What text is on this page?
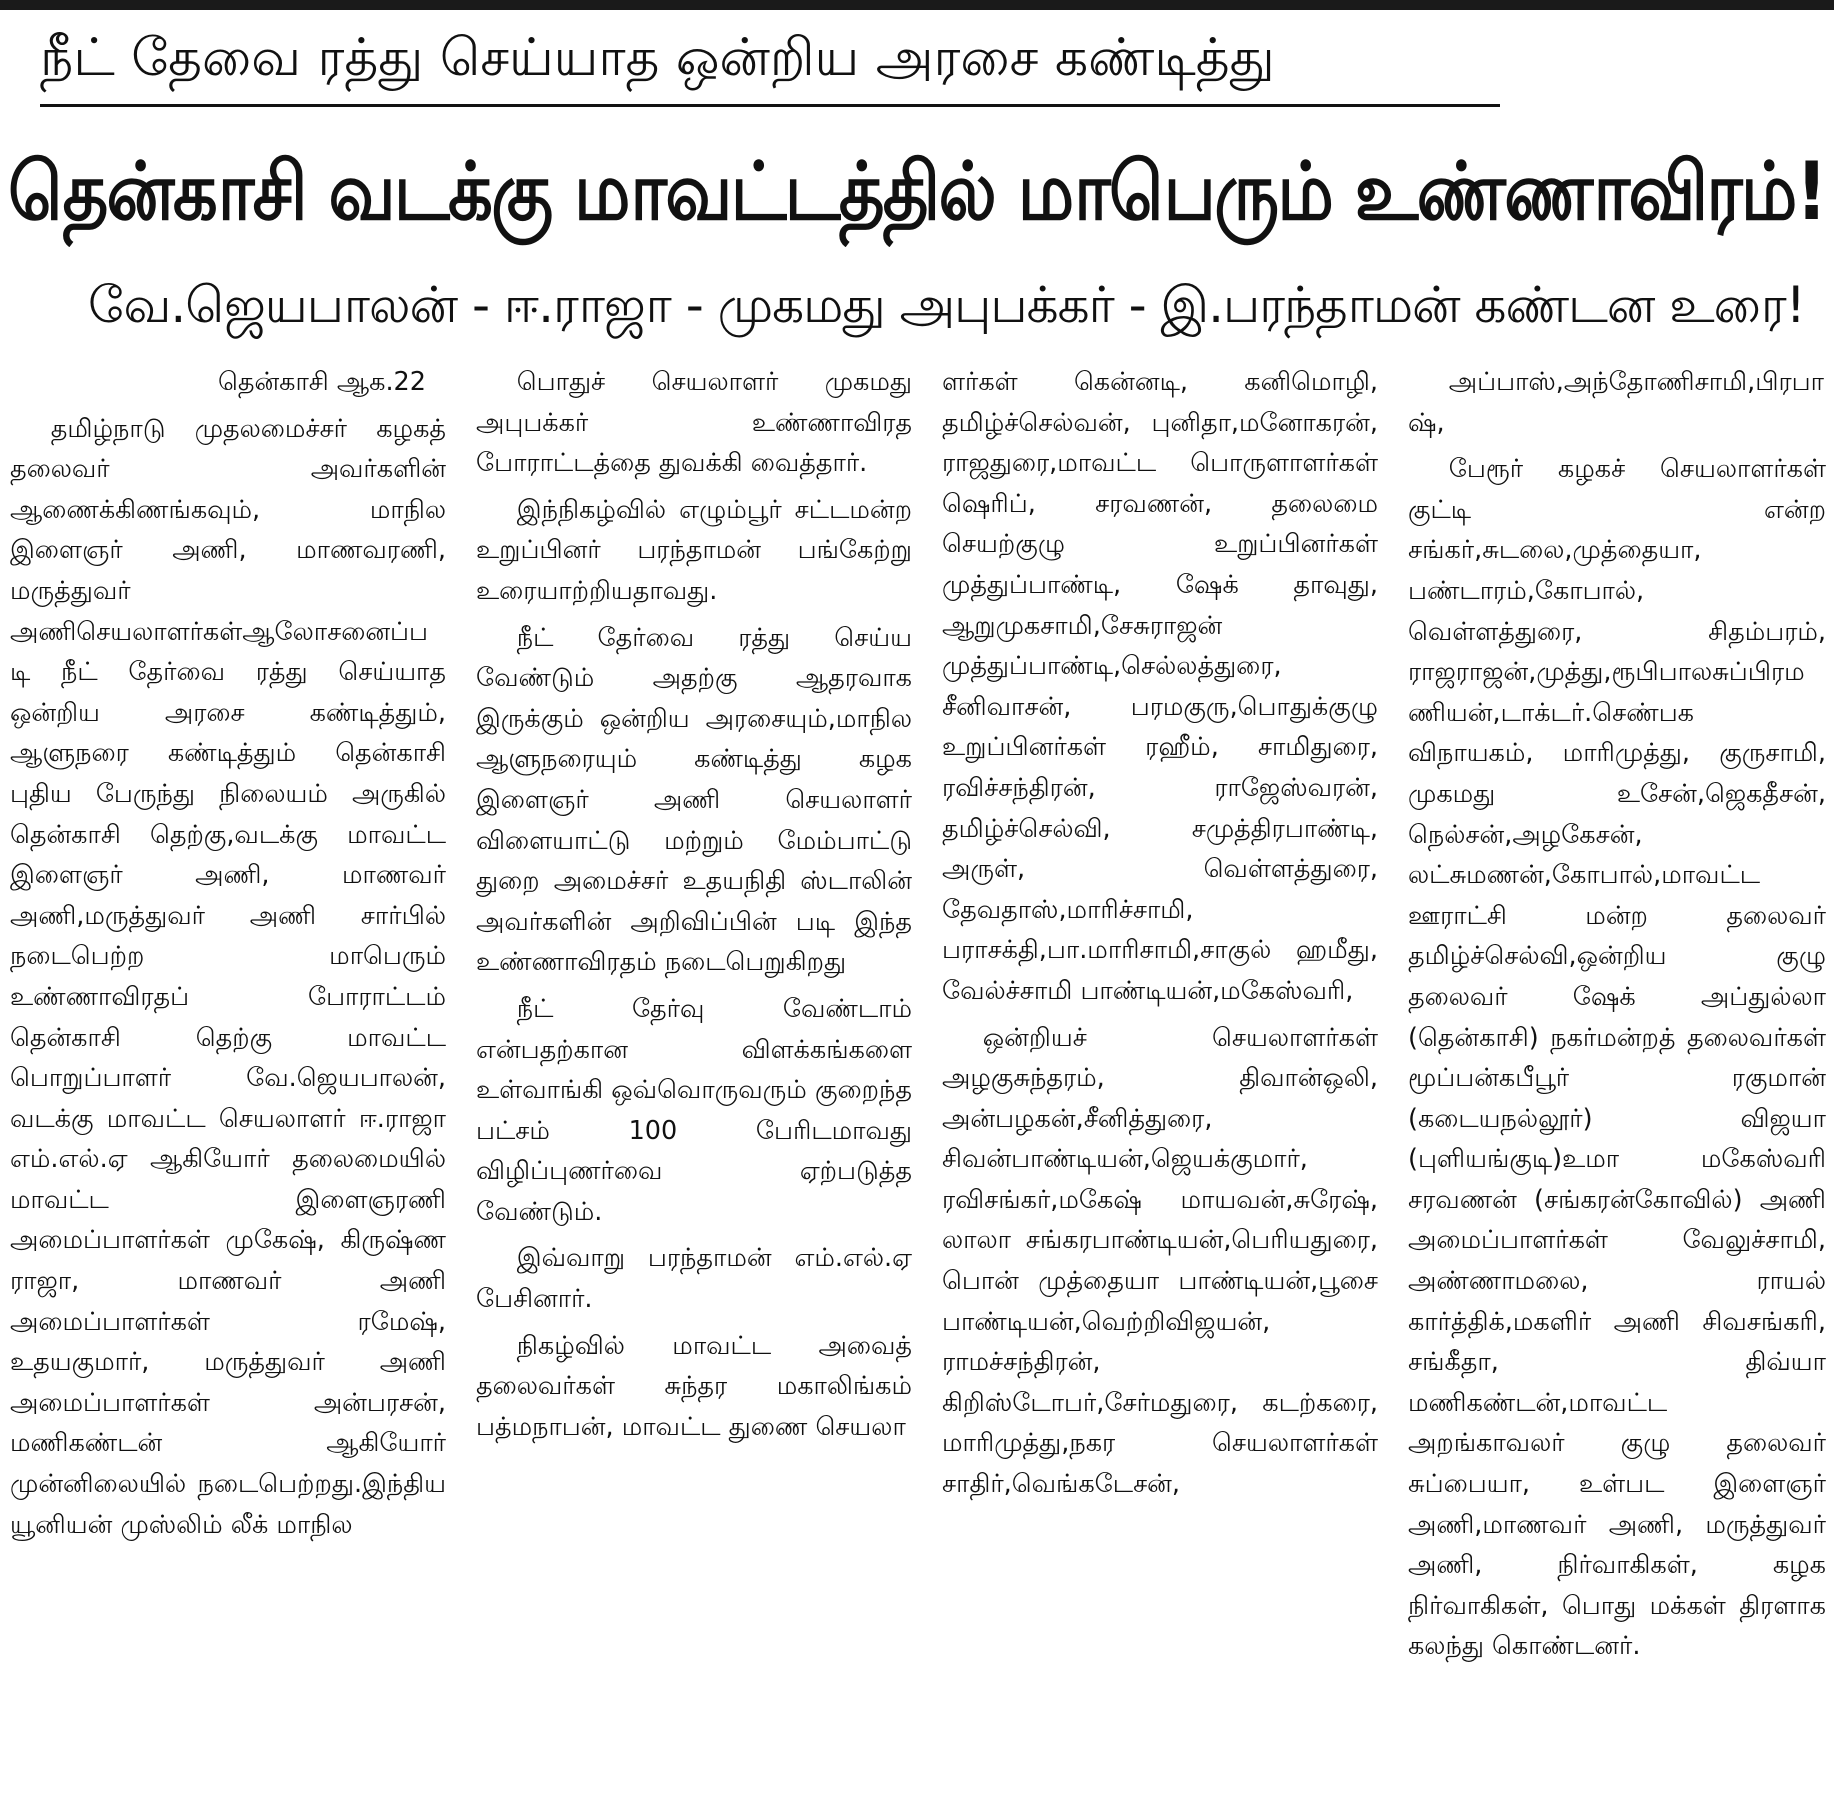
நீட் தேவை ரத்து செய்யாத ஒன்றிய அரசை கண்டித்து
தென்காசி வடக்கு மாவட்டத்தில் மாபெரும் உண்ணாவிரம்!
வே.ஜெயபாலன் - ஈ.ராஜா - முகமது அபுபக்கர் - இ.பரந்தாமன் கண்டன உரை!

தென்காசி ஆக.22

தமிழ்நாடு முதலமைச்சர் கழகத் தலைவர் அவர்களின் ஆணைக்கிணங்கவும், மாநில இளைஞர் அணி, மாணவரணி, மருத்துவர் அணிசெயலாளர்கள்ஆலோசனைப்படி நீட் தேர்வை ரத்து செய்யாத ஒன்றிய அரசை கண்டித்தும், ஆளுநரை கண்டித்தும் தென்காசி புதிய பேருந்து நிலையம் அருகில் தென்காசி தெற்கு,வடக்கு மாவட்ட இளைஞர் அணி, மாணவர் அணி,மருத்துவர் அணி சார்பில் நடைபெற்ற மாபெரும் உண்ணாவிரதப் போராட்டம் தென்காசி தெற்கு மாவட்ட பொறுப்பாளர் வே.ஜெயபாலன், வடக்கு மாவட்ட செயலாளர் ஈ.ராஜா எம்.எல்.ஏ ஆகியோர் தலைமையில் மாவட்ட இளைஞரணி அமைப்பாளர்கள் முகேஷ், கிருஷ்ண ராஜா, மாணவர் அணி அமைப்பாளர்கள் ரமேஷ், உதயகுமார், மருத்துவர் அணி அமைப்பாளர்கள் அன்பரசன், மணிகண்டன் ஆகியோர் முன்னிலையில் நடைபெற்றது.இந்திய யூனியன் முஸ்லிம் லீக் மாநில

பொதுச் செயலாளர் முகமது அபுபக்கர் உண்ணாவிரத போராட்டத்தை துவக்கி வைத்தார்.

இந்நிகழ்வில் எழும்பூர் சட்டமன்ற உறுப்பினர் பரந்தாமன் பங்கேற்று உரையாற்றியதாவது.

நீட் தேர்வை ரத்து செய்ய வேண்டும் அதற்கு ஆதரவாக இருக்கும் ஒன்றிய அரசையும்,மாநில ஆளுநரையும் கண்டித்து கழக இளைஞர் அணி செயலாளர் விளையாட்டு மற்றும் மேம்பாட்டு துறை அமைச்சர் உதயநிதி ஸ்டாலின் அவர்களின் அறிவிப்பின் படி இந்த உண்ணாவிரதம் நடைபெறுகிறது

நீட் தேர்வு வேண்டாம் என்பதற்கான விளக்கங்களை உள்வாங்கி ஒவ்வொருவரும் குறைந்த பட்சம் 100 பேரிடமாவது விழிப்புணர்வை ஏற்படுத்த வேண்டும்.

இவ்வாறு பரந்தாமன் எம்.எல்.ஏ பேசினார்.

நிகழ்வில் மாவட்ட அவைத் தலைவர்கள் சுந்தர மகாலிங்கம் பத்மநாபன், மாவட்ட துணை செயலா

ளர்கள் கென்னடி, கனிமொழி, தமிழ்ச்செல்வன், புனிதா,மனோகரன், ராஜதுரை,மாவட்ட பொருளாளர்கள் ஷெரிப், சரவணன், தலைமை செயற்குழு உறுப்பினர்கள் முத்துப்பாண்டி, ஷேக் தாவுது, ஆறுமுகசாமி,சேசுராஜன் முத்துப்பாண்டி,செல்லத்துரை, சீனிவாசன், பரமகுரு,பொதுக்குழு உறுப்பினர்கள் ரஹீம், சாமிதுரை, ரவிச்சந்திரன், ராஜேஸ்வரன், தமிழ்ச்செல்வி, சமுத்திரபாண்டி, அருள், வெள்ளத்துரை, தேவதாஸ்,மாரிச்சாமி, பராசக்தி,பா.மாரிசாமி,சாகுல் ஹமீது, வேல்ச்சாமி பாண்டியன்,மகேஸ்வரி,

ஒன்றியச் செயலாளர்கள் அழகுசுந்தரம், திவான்ஒலி, அன்பழகன்,சீனித்துரை, சிவன்பாண்டியன்,ஜெயக்குமார், ரவிசங்கர்,மகேஷ் மாயவன்,சுரேஷ், லாலா சங்கரபாண்டியன்,பெரியதுரை, பொன் முத்தையா பாண்டியன்,பூசை பாண்டியன்,வெற்றிவிஜயன், ராமச்சந்திரன், கிறிஸ்டோபர்,சேர்மதுரை, கடற்கரை, மாரிமுத்து,நகர செயலாளர்கள் சாதிர்,வெங்கடேசன்,

அப்பாஸ்,அந்தோணிசாமி,பிரபாஷ்,

பேரூர் கழகச் செயலாளர்கள் குட்டி என்ற சங்கர்,சுடலை,முத்தையா, பண்டாரம்,கோபால், வெள்ளத்துரை, சிதம்பரம், ராஜராஜன்,முத்து,ரூபிபாலசுப்பிரமணியன்,டாக்டர்.செண்பக விநாயகம், மாரிமுத்து, குருசாமி, முகமது உசேன்,ஜெகதீசன், நெல்சன்,அழகேசன், லட்சுமணன்,கோபால்,மாவட்ட ஊராட்சி மன்ற தலைவர் தமிழ்ச்செல்வி,ஒன்றிய குழு தலைவர் ஷேக் அப்துல்லா (தென்காசி) நகர்மன்றத் தலைவர்கள் மூப்பன்கபீபூர் ரகுமான் (கடையநல்லூர்) விஜயா (புளியங்குடி)உமா மகேஸ்வரி சரவணன் (சங்கரன்கோவில்) அணி அமைப்பாளர்கள் வேலுச்சாமி, அண்ணாமலை, ராயல் கார்த்திக்,மகளிர் அணி சிவசங்கரி, சங்கீதா, திவ்யா மணிகண்டன்,மாவட்ட அறங்காவலர் குழு தலைவர் சுப்பையா, உள்பட இளைஞர் அணி,மாணவர் அணி, மருத்துவர் அணி, நிர்வாகிகள், கழக நிர்வாகிகள், பொது மக்கள் திரளாக கலந்து கொண்டனர்.
